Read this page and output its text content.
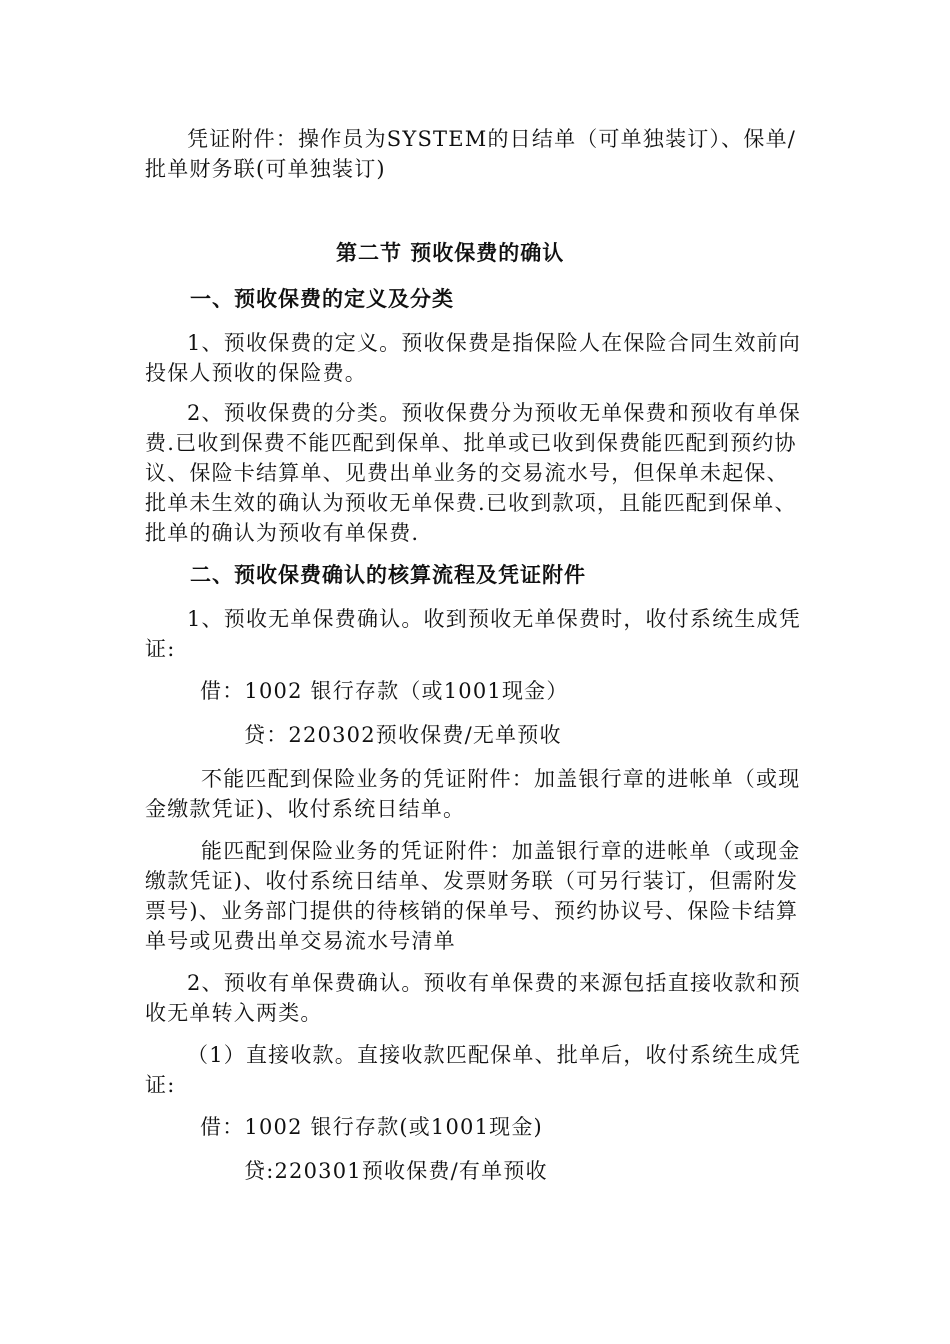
凭证附件：操作员为SYSTEM的日结单（可单独装订）、保单/
批单财务联(可单独装订)

第二节 预收保费的确认
一、预收保费的定义及分类

1、预收保费的定义。预收保费是指保险人在保险合同生效前向
投保人预收的保险费。

2、预收保费的分类。预收保费分为预收无单保费和预收有单保
费.已收到保费不能匹配到保单、批单或已收到保费能匹配到预约协
议、保险卡结算单、见费出单业务的交易流水号，但保单未起保、
批单未生效的确认为预收无单保费.已收到款项，且能匹配到保单、
批单的确认为预收有单保费.

二、预收保费确认的核算流程及凭证附件

1、预收无单保费确认。收到预收无单保费时，收付系统生成凭
证:

借：1002 银行存款（或1001现金）

贷：220302预收保费/无单预收

不能匹配到保险业务的凭证附件：加盖银行章的进帐单（或现
金缴款凭证)、收付系统日结单。

能匹配到保险业务的凭证附件：加盖银行章的进帐单（或现金
缴款凭证)、收付系统日结单、发票财务联（可另行装订，但需附发
票号)、业务部门提供的待核销的保单号、预约协议号、保险卡结算
单号或见费出单交易流水号清单

2、预收有单保费确认。预收有单保费的来源包括直接收款和预
收无单转入两类。

（1）直接收款。直接收款匹配保单、批单后，收付系统生成凭
证:

借：1002 银行存款(或1001现金)

贷:220301预收保费/有单预收
